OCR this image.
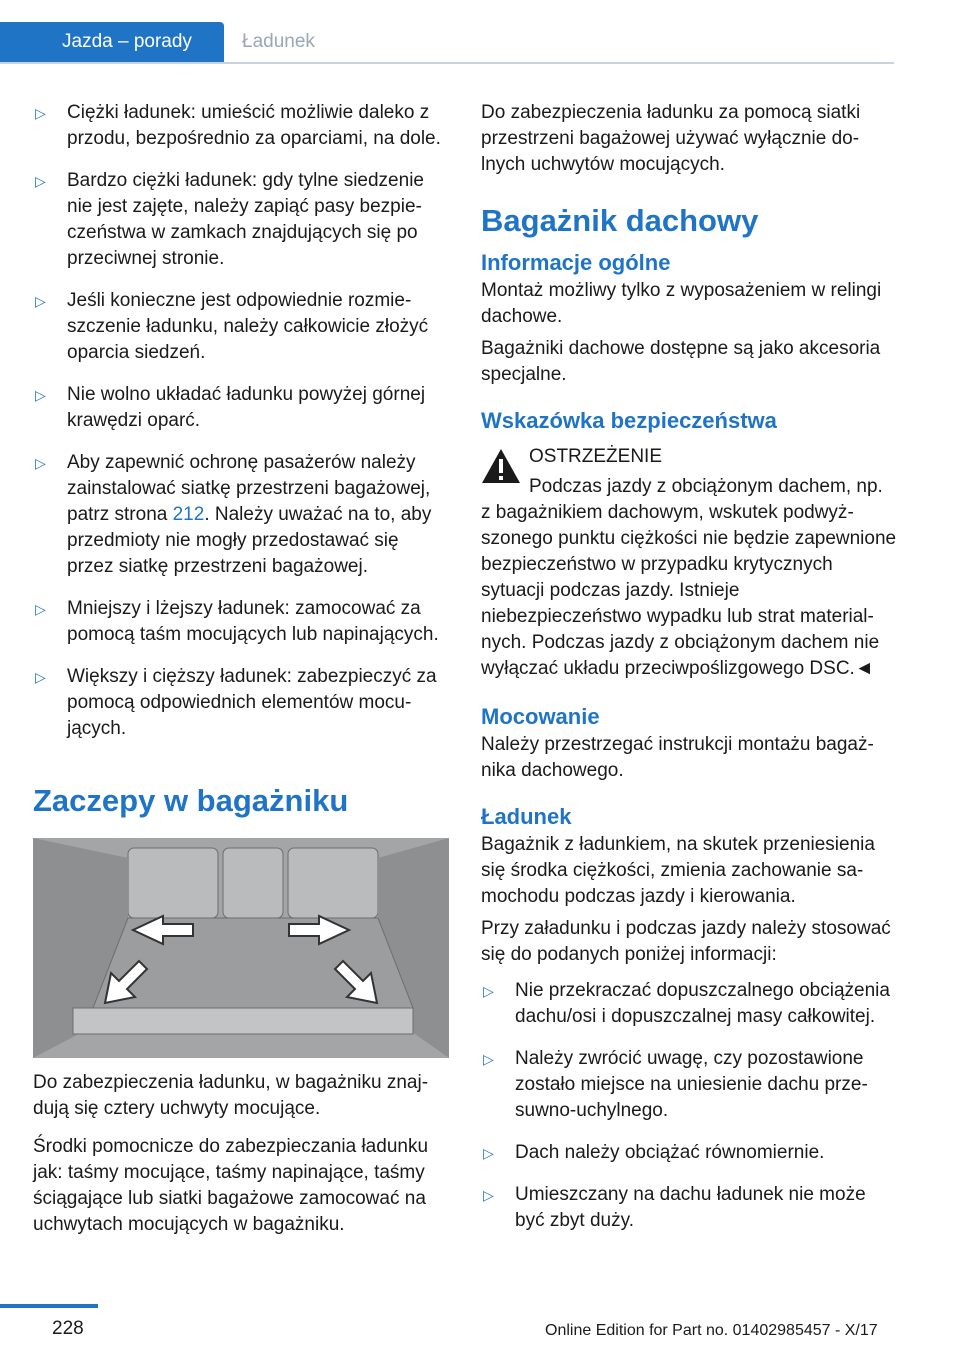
Jazda – porady	Ładunek
▷ Ciężki ładunek: umieścić możliwie daleko z przodu, bezpośrednio za oparciami, na dole.
▷ Bardzo ciężki ładunek: gdy tylne siedzenie nie jest zajęte, należy zapiąć pasy bezpieczeństwa w zamkach znajdujących się po przeciwnej stronie.
▷ Jeśli konieczne jest odpowiednie rozmieszczenie ładunku, należy całkowicie złożyć oparcia siedzeń.
▷ Nie wolno układać ładunku powyżej górnej krawędzi oparć.
▷ Aby zapewnić ochronę pasażerów należy zainstalować siatkę przestrzeni bagażowej, patrz strona 212. Należy uważać na to, aby przedmioty nie mogły przedostawać się przez siatkę przestrzeni bagażowej.
▷ Mniejszy i lżejszy ładunek: zamocować za pomocą taśm mocujących lub napinających.
▷ Większy i cięższy ładunek: zabezpieczyć za pomocą odpowiednich elementów mocujących.
Zaczepy w bagażniku

Do zabezpieczenia ładunku, w bagażniku znajdują się cztery uchwyty mocujące.

Środki pomocnicze do zabezpieczania ładunku jak: taśmy mocujące, taśmy napinające, taśmy ściągające lub siatki bagażowe zamocować na uchwytach mocujących w bagażniku.

Do zabezpieczenia ładunku za pomocą siatki przestrzeni bagażowej używać wyłącznie dolnych uchwytów mocujących.

Bagażnik dachowy
Informacje ogólne

Montaż możliwy tylko z wyposażeniem w relingi dachowe.

Bagażniki dachowe dostępne są jako akcesoria specjalne.

Wskazówka bezpieczeństwa

OSTRZEŻENIE

Podczas jazdy z obciążonym dachem, np.

z bagażnikiem dachowym, wskutek podwyższonego punktu ciężkości nie będzie zapewnione bezpieczeństwo w przypadku krytycznych sytuacji podczas jazdy. Istnieje niebezpieczeństwo wypadku lub strat materialnych. Podczas jazdy z obciążonym dachem nie wyłączać układu przeciwpoślizgowego DSC.◄

Mocowanie

Należy przestrzegać instrukcji montażu bagażnika dachowego.

Ładunek

Bagażnik z ładunkiem, na skutek przeniesienia się środka ciężkości, zmienia zachowanie samochodu podczas jazdy i kierowania.

Przy załadunku i podczas jazdy należy stosować się do podanych poniżej informacji:

▷ Nie przekraczać dopuszczalnego obciążenia dachu/osi i dopuszczalnej masy całkowitej.
▷ Należy zwrócić uwagę, czy pozostawione zostało miejsce na uniesienie dachu przesuwno-uchylnego.
▷ Dach należy obciążać równomiernie.
▷ Umieszczany na dachu ładunek nie może być zbyt duży.
228	Online Edition for Part no. 01402985457 - X/17
